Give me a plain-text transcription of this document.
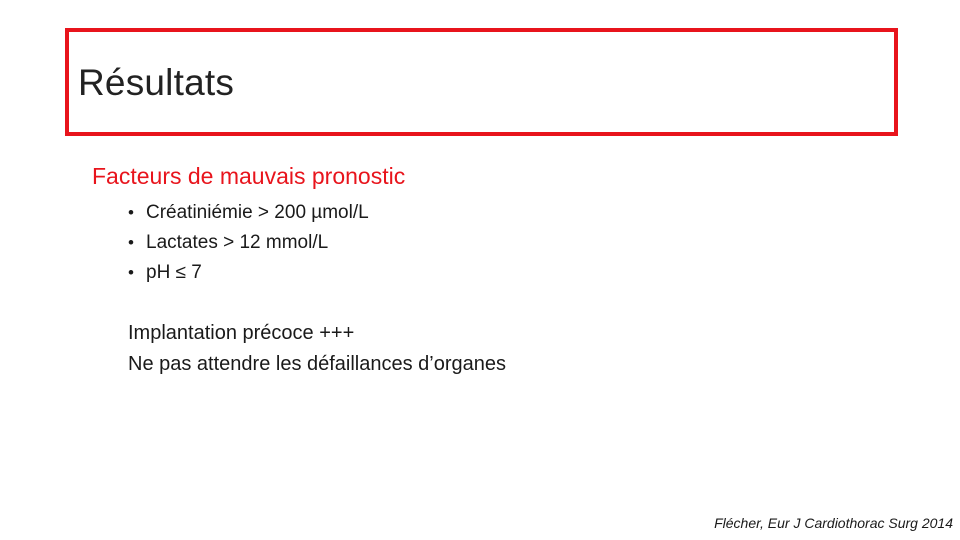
Résultats
Facteurs de mauvais pronostic
• Créatiniémie > 200 µmol/L
• Lactates > 12 mmol/L
• pH ≤ 7
Implantation précoce +++
Ne pas attendre les défaillances d’organes
Flécher, Eur J Cardiothorac Surg 2014
